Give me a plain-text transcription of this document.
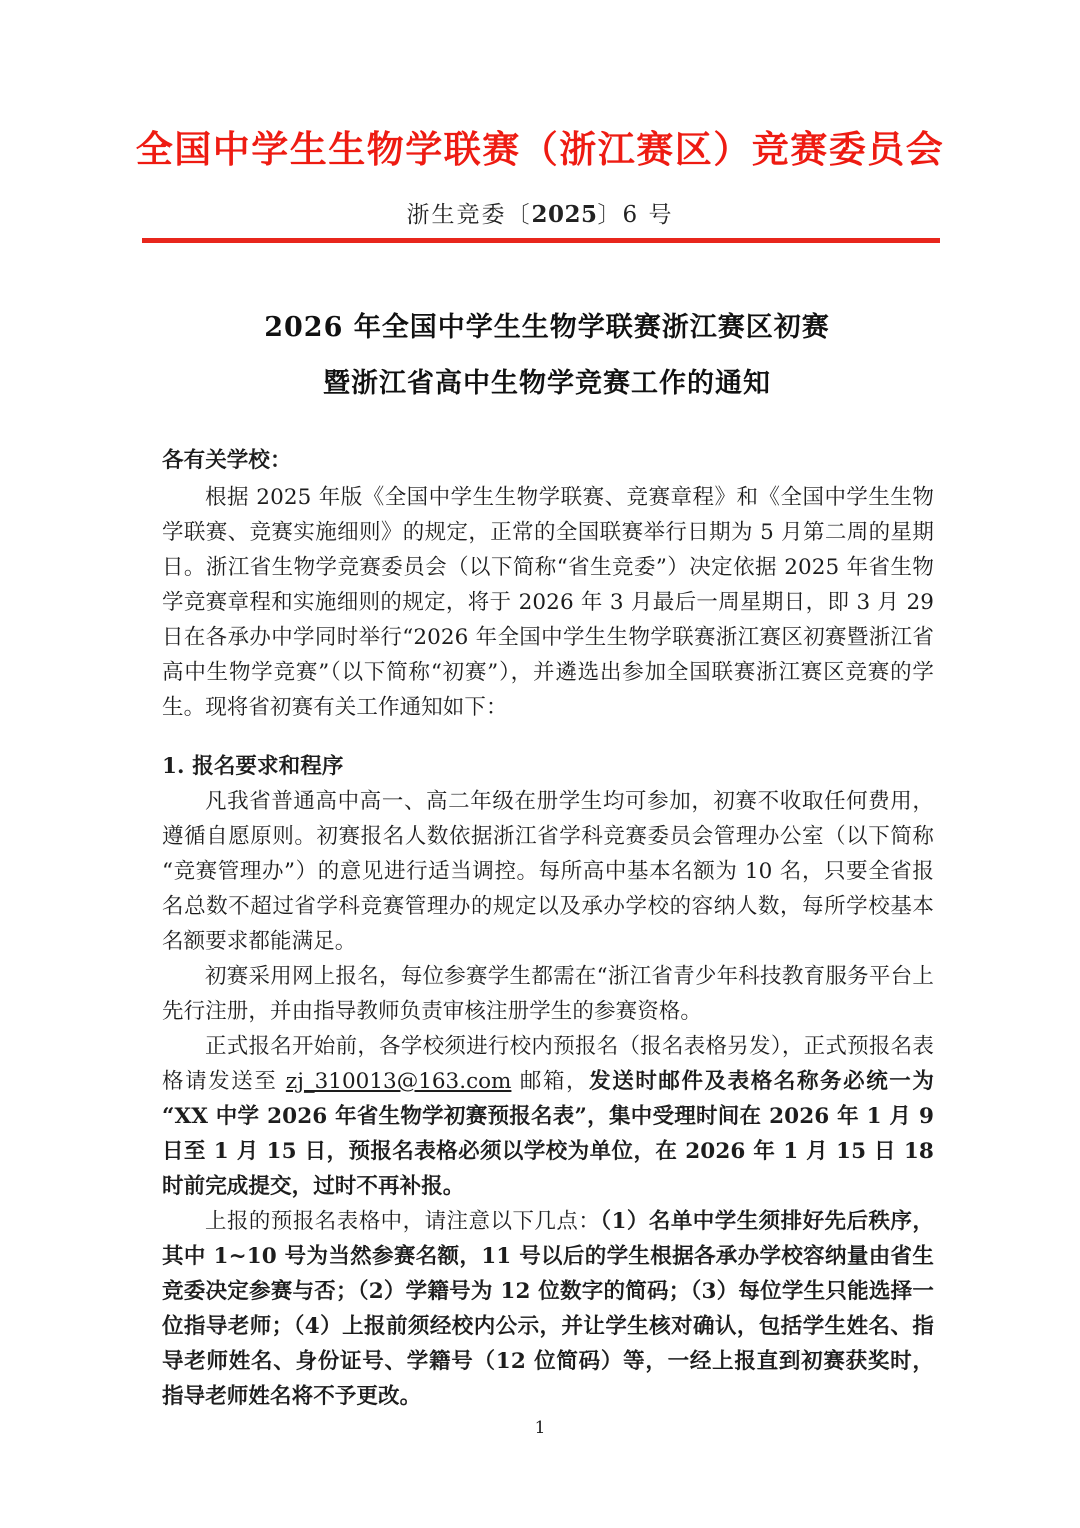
全国中学生生物学联赛（浙江赛区）竞赛委员会
浙生竞委〔2025〕6 号
2026 年全国中学生生物学联赛浙江赛区初赛
暨浙江省高中生物学竞赛工作的通知

各有关学校：

根据 2025 年版《全国中学生生物学联赛、竞赛章程》和《全国中学生生物学联赛、竞赛实施细则》的规定，正常的全国联赛举行日期为 5 月第二周的星期日。浙江省生物学竞赛委员会（以下简称“省生竞委”）决定依据 2025 年省生物学竞赛章程和实施细则的规定，将于 2026 年 3 月最后一周星期日，即 3 月 29 日在各承办中学同时举行“2026 年全国中学生生物学联赛浙江赛区初赛暨浙江省高中生物学竞赛”（以下简称“初赛”），并遴选出参加全国联赛浙江赛区竞赛的学生。现将省初赛有关工作通知如下：

1. 报名要求和程序

凡我省普通高中高一、高二年级在册学生均可参加，初赛不收取任何费用，遵循自愿原则。初赛报名人数依据浙江省学科竞赛委员会管理办公室（以下简称“竞赛管理办”）的意见进行适当调控。每所高中基本名额为 10 名，只要全省报名总数不超过省学科竞赛管理办的规定以及承办学校的容纳人数，每所学校基本名额要求都能满足。

初赛采用网上报名，每位参赛学生都需在“浙江省青少年科技教育服务平台上先行注册，并由指导教师负责审核注册学生的参赛资格。

正式报名开始前，各学校须进行校内预报名（报名表格另发），正式预报名表格请发送至 zj_310013@163.com 邮箱，发送时邮件及表格名称务必统一为“XX 中学 2026 年省生物学初赛预报名表”，集中受理时间在 2026 年 1 月 9 日至 1 月 15 日，预报名表格必须以学校为单位，在 2026 年 1 月 15 日 18 时前完成提交，过时不再补报。

上报的预报名表格中，请注意以下几点：（1）名单中学生须排好先后秩序，其中 1~10 号为当然参赛名额，11 号以后的学生根据各承办学校容纳量由省生竞委决定参赛与否；（2）学籍号为 12 位数字的简码；（3）每位学生只能选择一位指导老师；（4）上报前须经校内公示，并让学生核对确认，包括学生姓名、指导老师姓名、身份证号、学籍号（12 位简码）等，一经上报直到初赛获奖时，指导老师姓名将不予更改。

1
